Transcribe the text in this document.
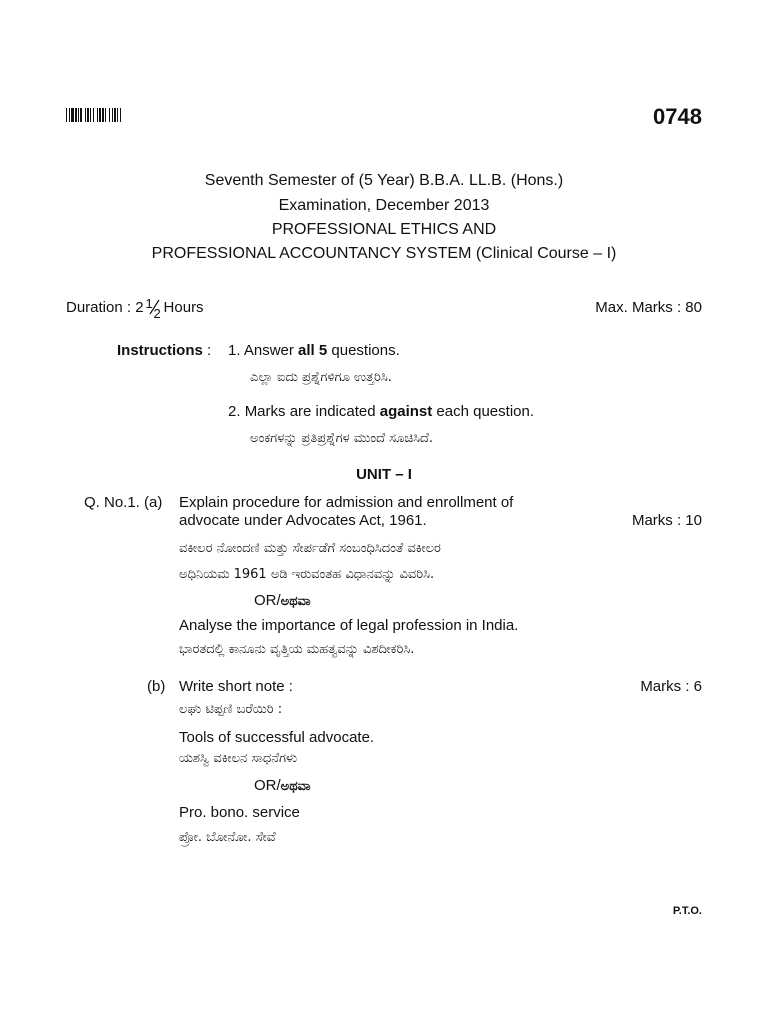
0748
Seventh Semester of (5 Year) B.B.A. LL.B. (Hons.)
Examination, December 2013
PROFESSIONAL ETHICS AND
PROFESSIONAL ACCOUNTANCY SYSTEM (Clinical Course – I)
Duration : 2 1
2 Hours	Max. Marks : 80
Instructions : 1. Answer all 5 questions.
ಎಲ್ಲಾ ಐದು ಪ್ರಶ್ನೆಗಳಿಗೂ ಉತ್ತರಿಸಿ.
2. Marks are indicated against each question.
ಅಂಕಗಳನ್ನು ಪ್ರತಿಪ್ರಶ್ನೆಗಳ ಮುಂದೆ ಸೂಚಿಸಿದೆ.
UNIT – I
Q. No.1. (a) Explain procedure for admission and enrollment of
advocate under Advocates Act, 1961.	Marks : 10
ವಕೀಲರ ನೋಂದಣಿ ಮತ್ತು ಸೇರ್ಪಡೆಗೆ ಸಂಬಂಧಿಸಿದಂತೆ ವಕೀಲರ
ಅಧಿನಿಯಮ 1961 ಅಡಿ ಇರುವಂತಹ ವಿಧಾನವನ್ನು ವಿವರಿಸಿ.
OR/ಅಥವಾ
Analyse the importance of legal profession in India.
ಭಾರತದಲ್ಲಿ ಕಾನೂನು ವೃತ್ತಿಯ ಮಹತ್ವವನ್ನು ವಿಶದೀಕರಿಸಿ.
(b) Write short note :	Marks : 6
ಲಘು ಟಿಪ್ಪಣಿ ಬರೆಯಿರಿ :
Tools of successful advocate.
ಯಶಸ್ವಿ ವಕೀಲನ ಸಾಧನೆಗಳು
OR/ಅಥವಾ
Pro. bono. service
ಪ್ರೋ. ಬೋನೋ. ಸೇವೆ
P.T.O.
